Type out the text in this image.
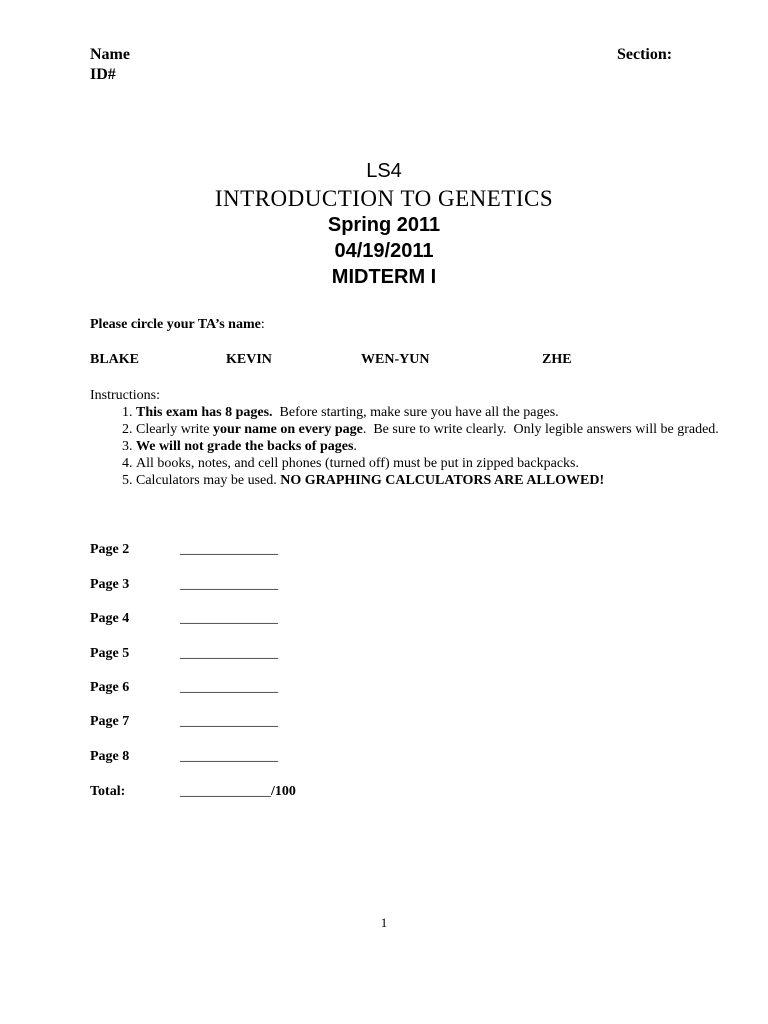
Name	Section:
ID#
LS4
INTRODUCTION TO GENETICS
Spring 2011
04/19/2011
MIDTERM I
Please circle your TA’s name:
BLAKE	KEVIN	WEN-YUN	ZHE
Instructions:
1. This exam has 8 pages.  Before starting, make sure you have all the pages.
2. Clearly write your name on every page.  Be sure to write clearly.  Only legible answers will be graded.
3. We will not grade the backs of pages.
4. All books, notes, and cell phones (turned off) must be put in zipped backpacks.
5. Calculators may be used. NO GRAPHING CALCULATORS ARE ALLOWED!
Page 2	______________
Page 3	______________
Page 4	______________
Page 5	______________
Page 6	______________
Page 7	______________
Page 8	______________
Total:	_____________/100
1
